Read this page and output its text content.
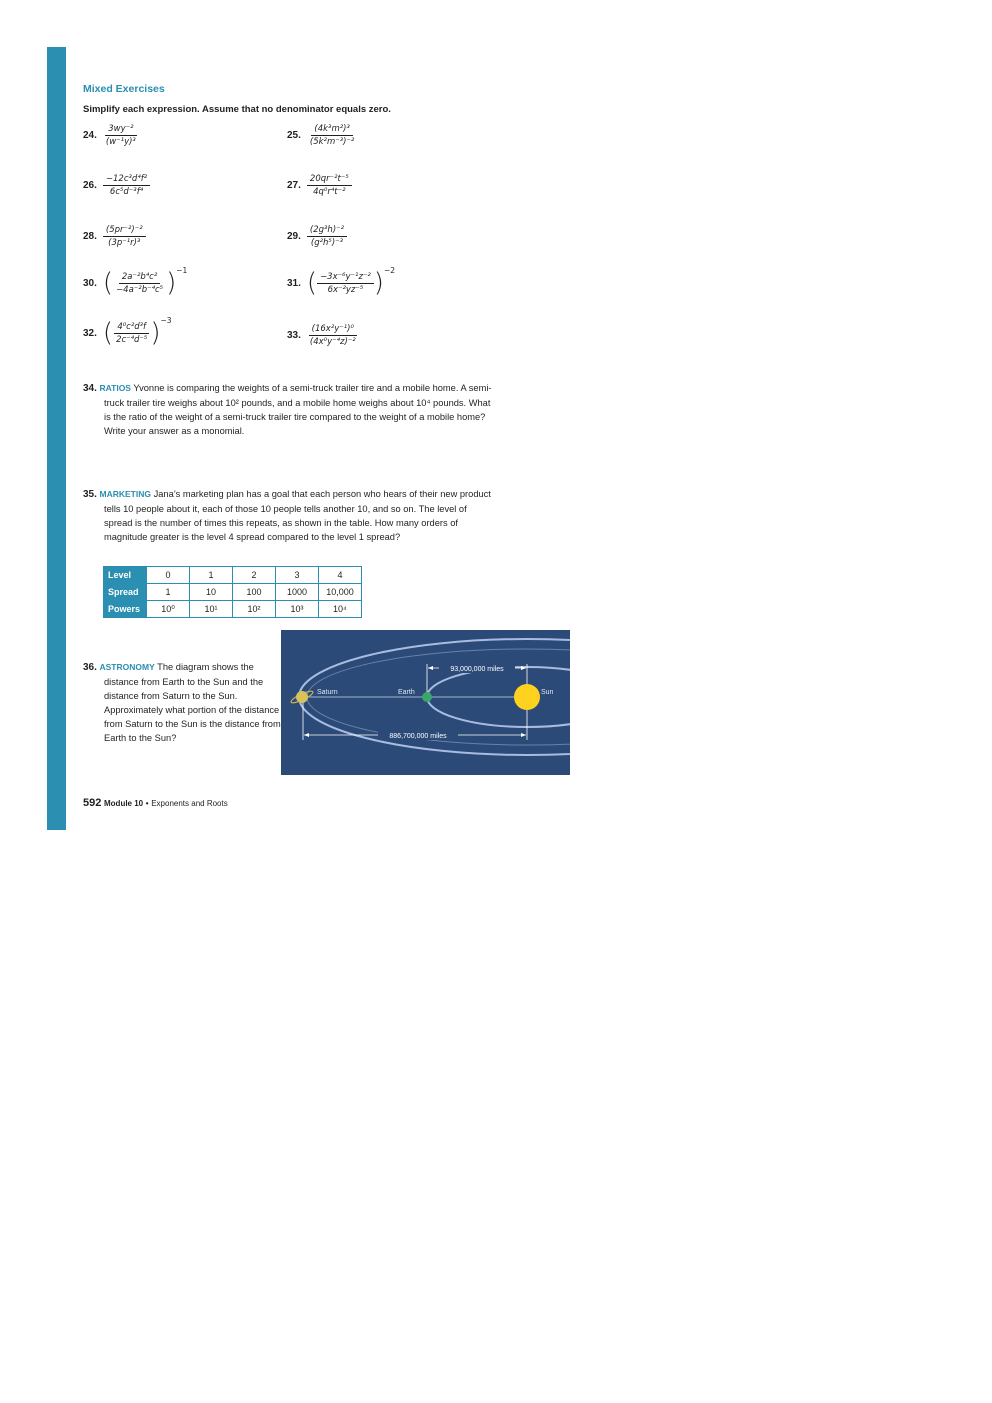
Mixed Exercises
Simplify each expression. Assume that no denominator equals zero.
24. $\frac{\text{3wy⁻²}}{\text{(w⁻¹y)³}}$	25. $\frac{\text{(4k³m²)³}}{\text{(5k²m⁻³)⁻²}}$
26. $\frac{\text{−12c³d⁴f²}}{\text{6c⁵d⁻³f⁴}}$	27. $\frac{\text{20qr⁻²t⁻⁵}}{\text{4q⁰r⁴t⁻²}}$
28. $\frac{\text{(5pr⁻²)⁻²}}{\text{(3p⁻¹r)³}}$	29. $\frac{\text{(2g³h)⁻²}}{\text{(g²h⁵)⁻³}}$
30. ( $\frac{\text{2a⁻²b⁴c²}}{\text{−4a⁻²b⁻⁴c⁵}}$ ) −1
31. ( $\frac{\text{−3x⁻⁶y⁻¹z⁻²}}{\text{6x⁻²yz⁻⁵}}$ ) −2
32. ( $\frac{\text{4⁰c²d³f}}{\text{2c⁻⁴d⁻⁵}}$ ) −3
33. $\frac{\text{(16x²y⁻¹)⁰}}{\text{(4x⁰y⁻⁴z)⁻²}}$
34. RATIOS Yvonne is comparing the weights of a semi-truck trailer tire and a mobile home. A semi-truck trailer tire weighs about 10² pounds, and a mobile home weighs about 10⁴ pounds. What is the ratio of the weight of a semi-truck trailer tire compared to the weight of a mobile home? Write your answer as a monomial.
35. MARKETING Jana’s marketing plan has a goal that each person who hears of their new product tells 10 people about it, each of those 10 people tells another 10, and so on. The level of spread is the number of times this repeats, as shown in the table. How many orders of magnitude greater is the level 4 spread compared to the level 1 spread?
Level	0	1	2	3	4
Spread	1	10	100	1000	10,000
Powers	10⁰	10¹	10²	10³	10⁴
36. ASTRONOMY The diagram shows the distance from Earth to the Sun and the distance from Saturn to the Sun. Approximately what portion of the distance from Saturn to the Sun is the distance from Earth to the Sun?
93,000,000 miles
886,700,000 miles
Saturn	Earth	Sun
592 Module 10 • Exponents and Roots
